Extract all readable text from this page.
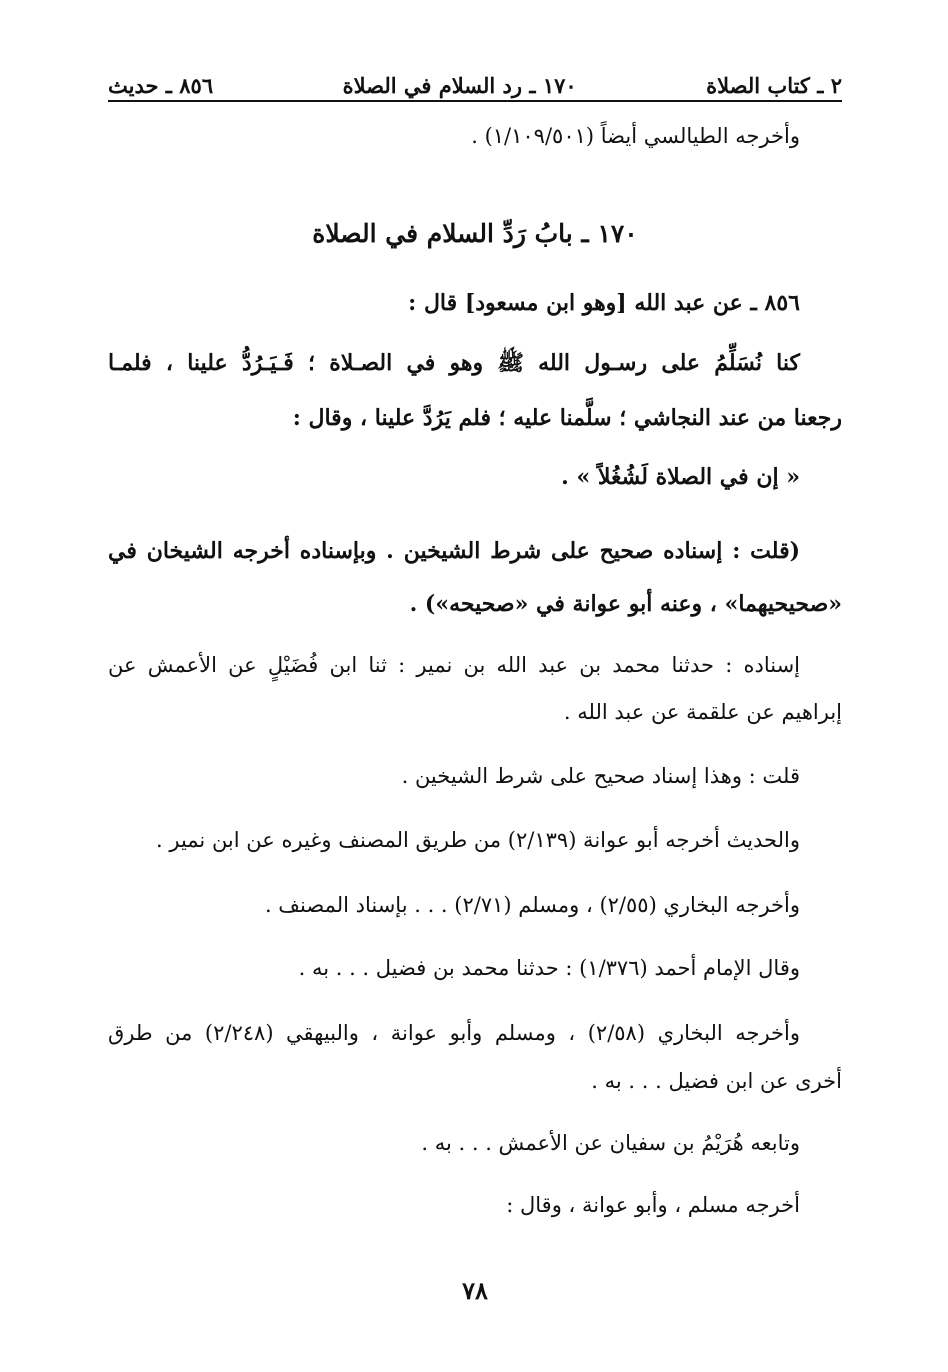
٢ ـ كتاب الصلاة
١٧٠ ـ رد السلام في الصلاة
٨٥٦ ـ حديث
وأخرجه الطيالسي أيضاً (١/١٠٩/٥٠١) .
١٧٠ ـ بابُ رَدِّ السلام في الصلاة
٨٥٦ ـ عن عبد الله [وهو ابن مسعود] قال :
كنا نُسَلِّمُ على رسـول الله ﷺ وهو في الصـلاة ؛ فَـيَـرُدُّ علينا ، فلمـا
رجعنا من عند النجاشي ؛ سلَّمنا عليه ؛ فلم يَرُدَّ علينا ، وقال :
« إن في الصلاة لَشُغُلاً » .
(قلت : إسناده صحيح على شرط الشيخين . وبإسناده أخرجه الشيخان في
«صحيحيهما» ، وعنه أبو عوانة في «صحيحه») .
إسناده : حدثنا محمد بن عبد الله بن نمير : ثنا ابن فُضَيْلٍ عن الأعمش عن
إبراهيم عن علقمة عن عبد الله .
قلت : وهذا إسناد صحيح على شرط الشيخين .
والحديث أخرجه أبو عوانة (٢/١٣٩) من طريق المصنف وغيره عن ابن نمير .
وأخرجه البخاري (٢/٥٥) ، ومسلم (٢/٧١) . . . بإسناد المصنف .
وقال الإمام أحمد (١/٣٧٦) : حدثنا محمد بن فضيل . . . به .
وأخرجه البخاري (٢/٥٨) ، ومسلم وأبو عوانة ، والبيهقي (٢/٢٤٨) من طرق
أخرى عن ابن فضيل . . . به .
وتابعه هُرَيْمُ بن سفيان عن الأعمش . . . به .
أخرجه مسلم ، وأبو عوانة ، وقال :
٧٨
